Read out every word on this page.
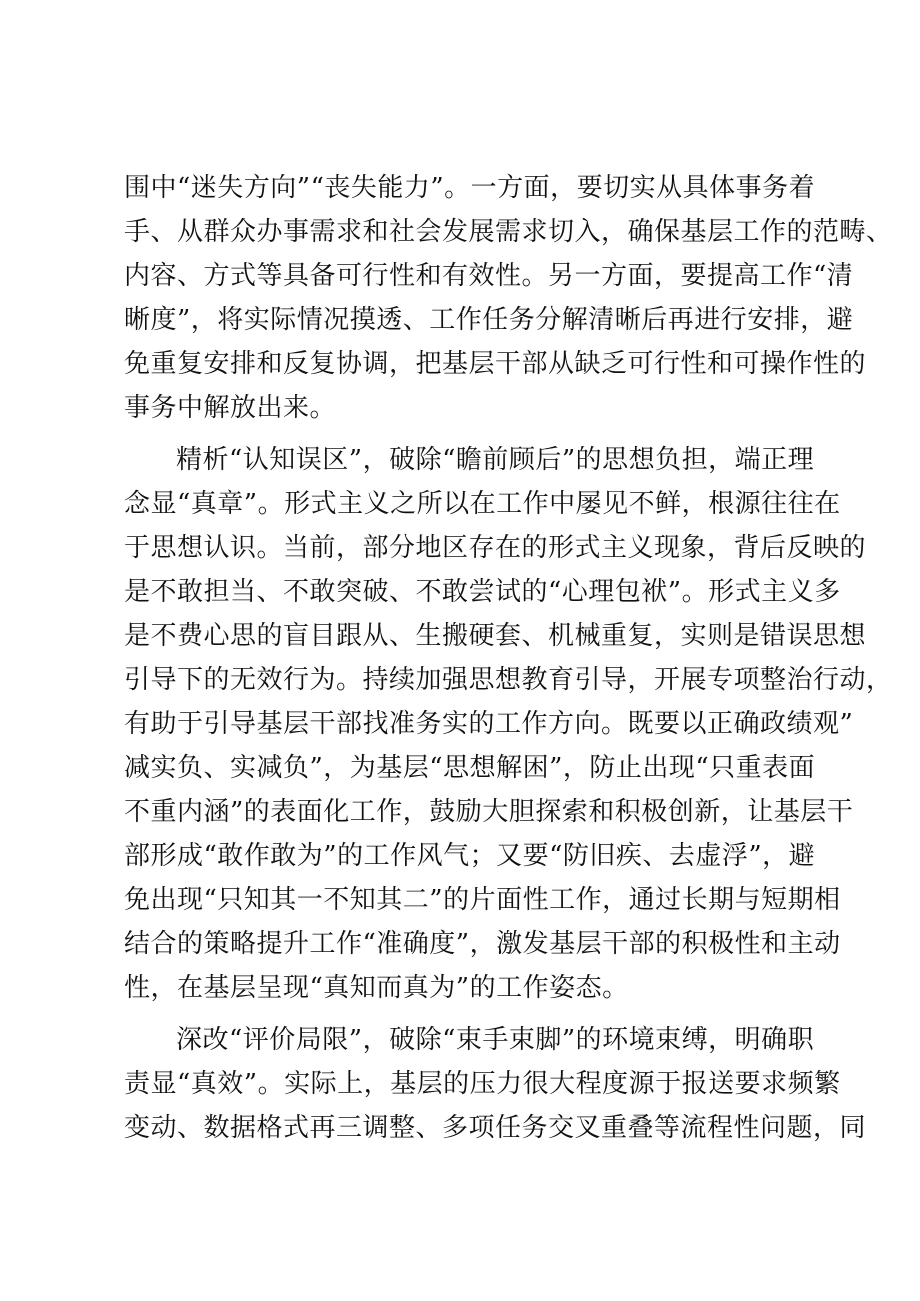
围中“迷失方向”“丧失能力”。一方面，要切实从具体事务着
手、从群众办事需求和社会发展需求切入，确保基层工作的范畴、
内容、方式等具备可行性和有效性。另一方面，要提高工作“清
晰度”，将实际情况摸透、工作任务分解清晰后再进行安排，避
免重复安排和反复协调，把基层干部从缺乏可行性和可操作性的
事务中解放出来。
精析“认知误区”，破除“瞻前顾后”的思想负担，端正理
念显“真章”。形式主义之所以在工作中屡见不鲜，根源往往在
于思想认识。当前，部分地区存在的形式主义现象，背后反映的
是不敢担当、不敢突破、不敢尝试的“心理包袱”。形式主义多
是不费心思的盲目跟从、生搬硬套、机械重复，实则是错误思想
引导下的无效行为。持续加强思想教育引导，开展专项整治行动，
有助于引导基层干部找准务实的工作方向。既要以正确政绩观”
减实负、实减负”，为基层“思想解困”，防止出现“只重表面
不重内涵”的表面化工作，鼓励大胆探索和积极创新，让基层干
部形成“敢作敢为”的工作风气；又要“防旧疾、去虚浮”，避
免出现“只知其一不知其二”的片面性工作，通过长期与短期相
结合的策略提升工作“准确度”，激发基层干部的积极性和主动
性，在基层呈现“真知而真为”的工作姿态。
深改“评价局限”，破除“束手束脚”的环境束缚，明确职
责显“真效”。实际上，基层的压力很大程度源于报送要求频繁
变动、数据格式再三调整、多项任务交叉重叠等流程性问题，同
